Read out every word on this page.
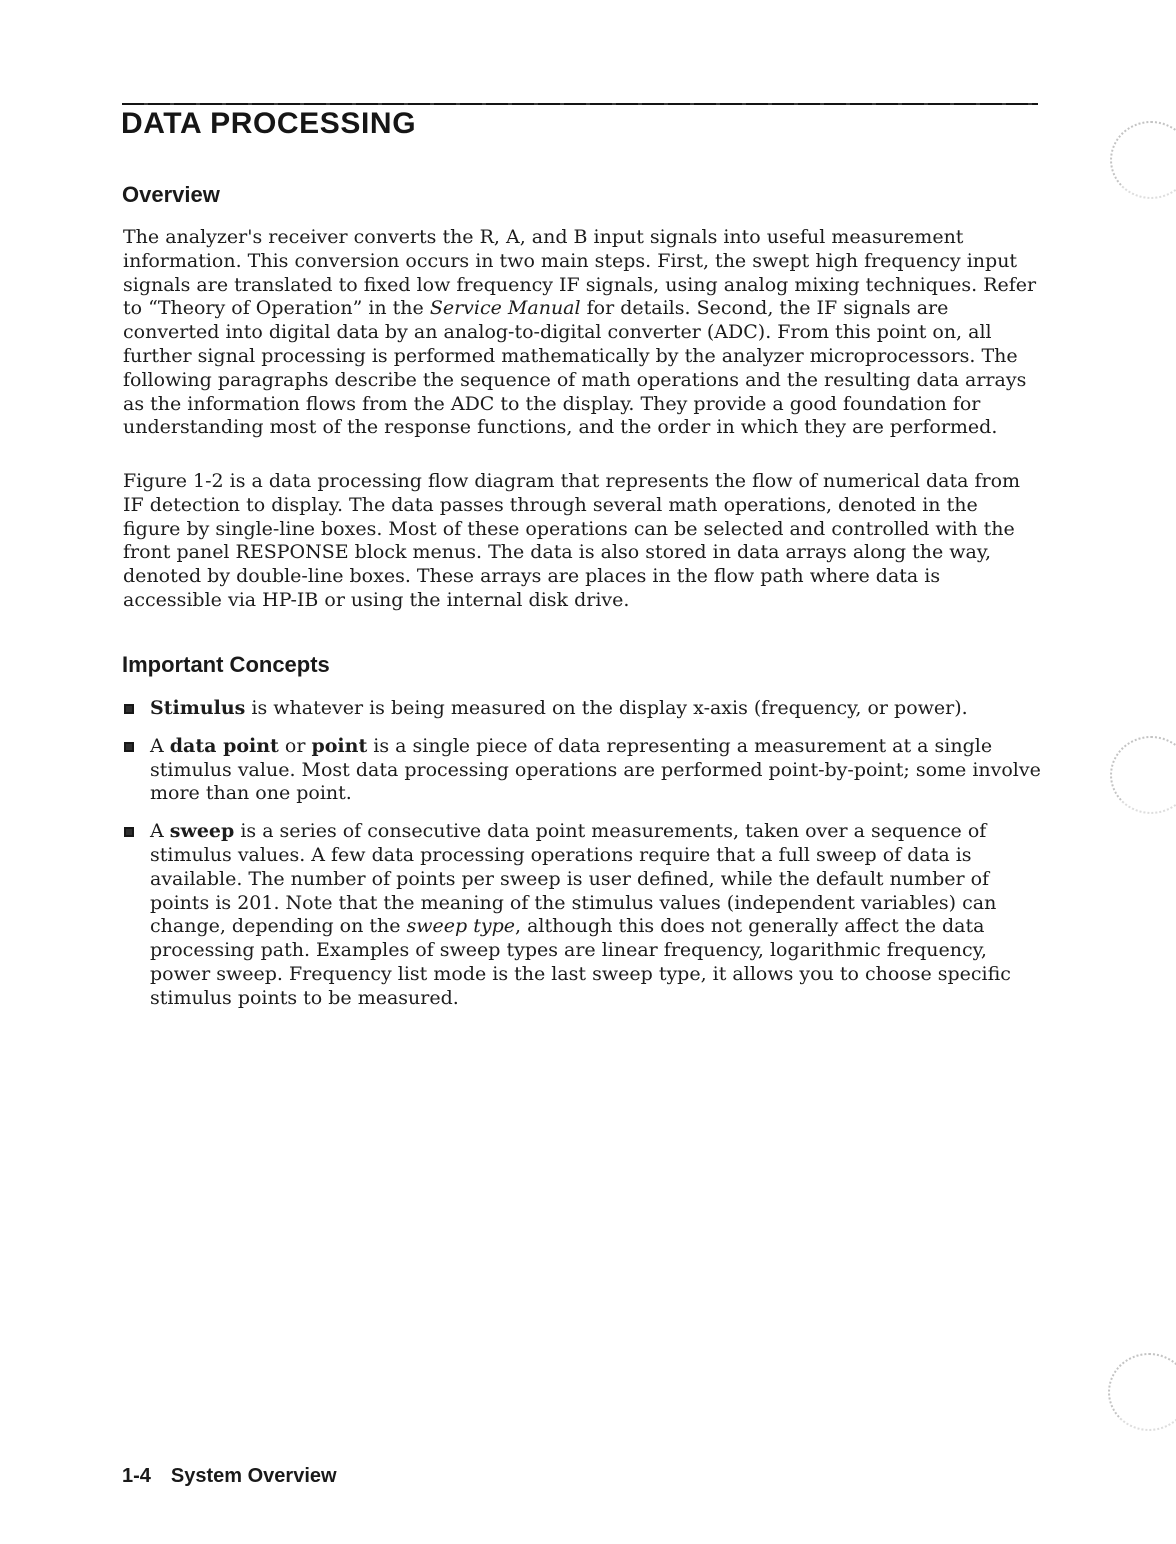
DATA PROCESSING
Overview

The analyzer's receiver converts the R, A, and B input signals into useful measurement information. This conversion occurs in two main steps. First, the swept high frequency input signals are translated to fixed low frequency IF signals, using analog mixing techniques. Refer to “Theory of Operation” in the Service Manual for details. Second, the IF signals are converted into digital data by an analog-to-digital converter (ADC). From this point on, all further signal processing is performed mathematically by the analyzer microprocessors. The following paragraphs describe the sequence of math operations and the resulting data arrays as the information flows from the ADC to the display. They provide a good foundation for understanding most of the response functions, and the order in which they are performed.

Figure 1-2 is a data processing flow diagram that represents the flow of numerical data from IF detection to display. The data passes through several math operations, denoted in the figure by single-line boxes. Most of these operations can be selected and controlled with the front panel RESPONSE block menus. The data is also stored in data arrays along the way, denoted by double-line boxes. These arrays are places in the flow path where data is accessible via HP-IB or using the internal disk drive.

Important Concepts
Stimulus is whatever is being measured on the display x-axis (frequency, or power).
A data point or point is a single piece of data representing a measurement at a single stimulus value. Most data processing operations are performed point-by-point; some involve more than one point.
A sweep is a series of consecutive data point measurements, taken over a sequence of stimulus values. A few data processing operations require that a full sweep of data is available. The number of points per sweep is user defined, while the default number of points is 201. Note that the meaning of the stimulus values (independent variables) can change, depending on the sweep type, although this does not generally affect the data processing path. Examples of sweep types are linear frequency, logarithmic frequency, power sweep. Frequency list mode is the last sweep type, it allows you to choose specific stimulus points to be measured.
1-4 System Overview
